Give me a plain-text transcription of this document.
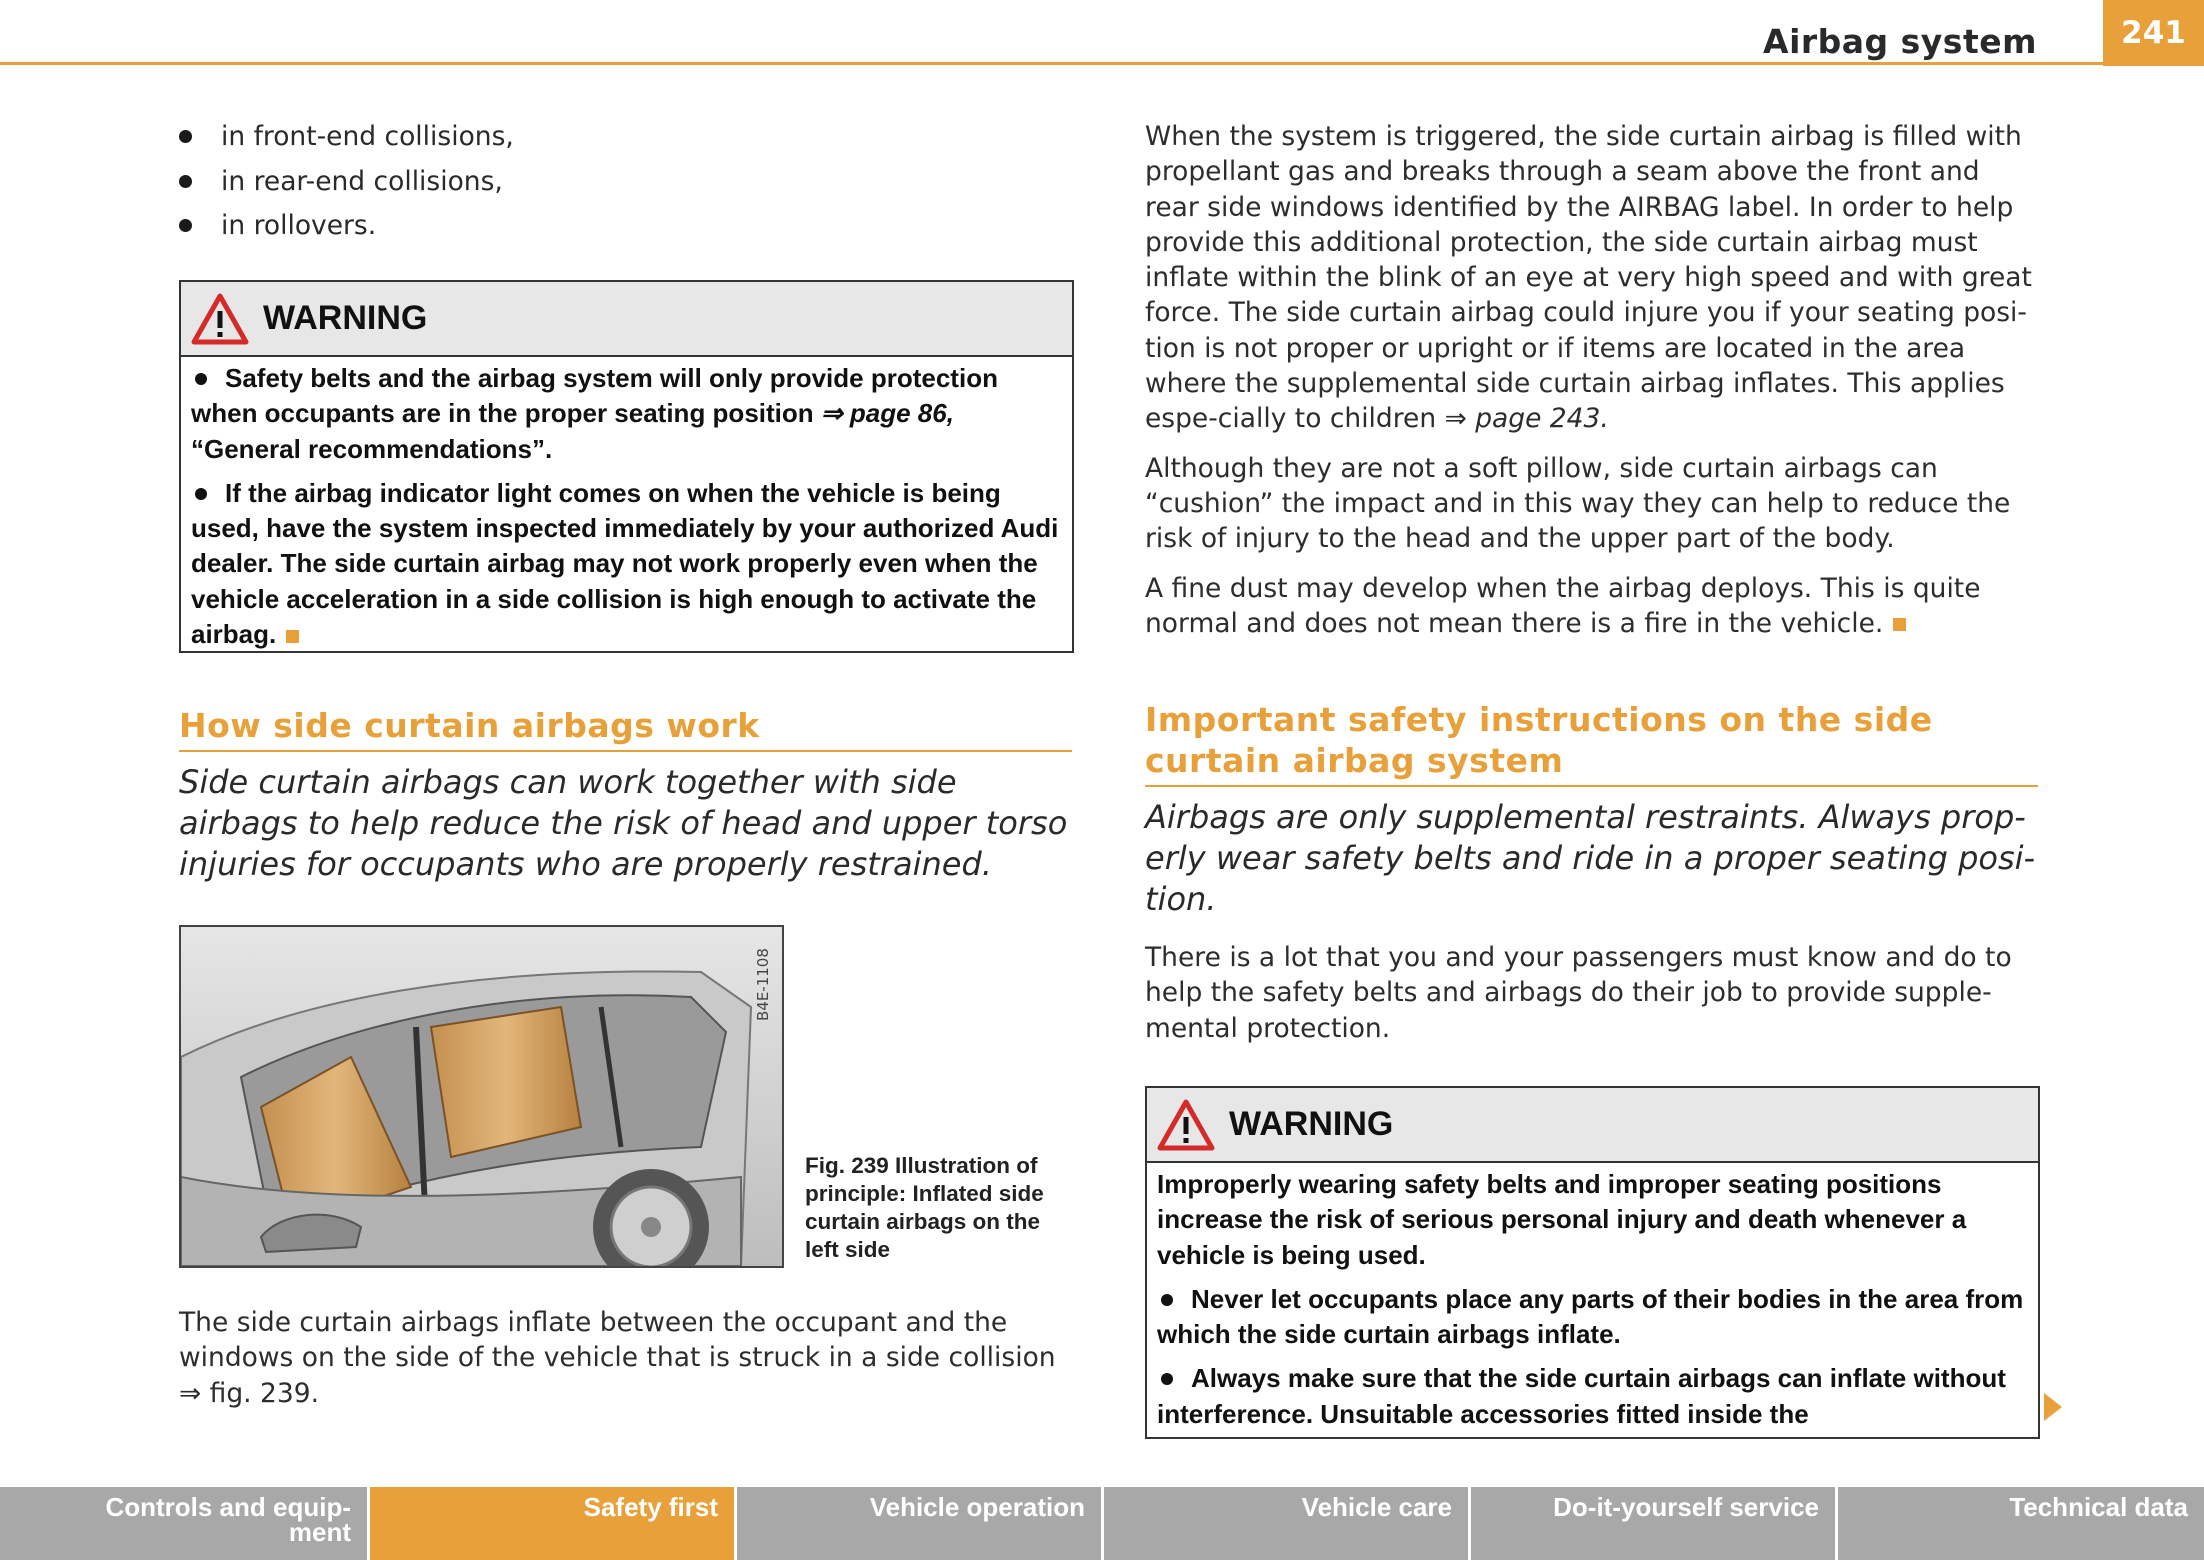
Airbag system	241
in front-end collisions,
in rear-end collisions,
in rollovers.
WARNING

Safety belts and the airbag system will only provide protection when occupants are in the proper seating position ⇒ page 86, “General recommendations”.

If the airbag indicator light comes on when the vehicle is being used, have the system inspected immediately by your authorized Audi dealer. The side curtain airbag may not work properly even when the vehicle acceleration in a side collision is high enough to activate the airbag.

How side curtain airbags work

Side curtain airbags can work together with side airbags to help reduce the risk of head and upper torso injuries for occupants who are properly restrained.

B4E-1108
Fig. 239 Illustration of principle: Inflated side curtain airbags on the left side

The side curtain airbags inflate between the occupant and the windows on the side of the vehicle that is struck in a side collision ⇒ fig. 239.

When the system is triggered, the side curtain airbag is filled with propellant gas and breaks through a seam above the front and rear side windows identified by the AIRBAG label. In order to help provide this additional protection, the side curtain airbag must inflate within the blink of an eye at very high speed and with great force. The side curtain airbag could injure you if your seating posi-tion is not proper or upright or if items are located in the area where the supplemental side curtain airbag inflates. This applies espe-cially to children ⇒ page 243.

Although they are not a soft pillow, side curtain airbags can “cushion” the impact and in this way they can help to reduce the risk of injury to the head and the upper part of the body.

A fine dust may develop when the airbag deploys. This is quite normal and does not mean there is a fire in the vehicle.

Important safety instructions on the side curtain airbag system

Airbags are only supplemental restraints. Always prop-erly wear safety belts and ride in a proper seating posi-tion.

There is a lot that you and your passengers must know and do to help the safety belts and airbags do their job to provide supple-mental protection.

WARNING

Improperly wearing safety belts and improper seating positions increase the risk of serious personal injury and death whenever a vehicle is being used.

Never let occupants place any parts of their bodies in the area from which the side curtain airbags inflate.

Always make sure that the side curtain airbags can inflate without interference. Unsuitable accessories fitted inside the

Controls and equip-
ment
Safety first	Vehicle operation	Vehicle care	Do-it-yourself service	Technical data
